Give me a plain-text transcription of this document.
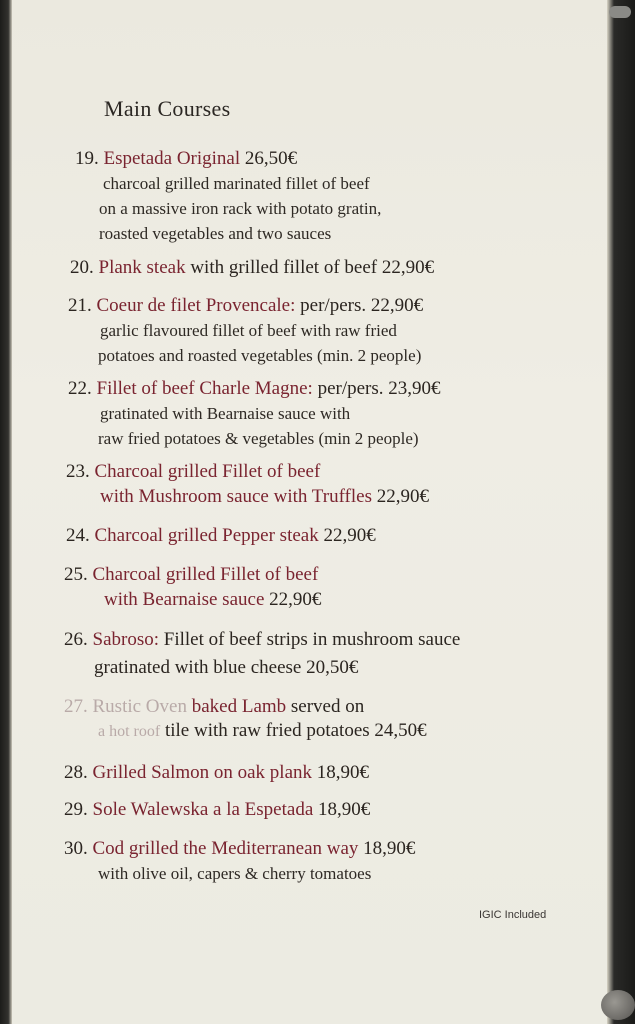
Main Courses
19. Espetada Original 26,50€
charcoal grilled marinated fillet of beef
on a massive iron rack with potato gratin,
roasted vegetables and two sauces
20. Plank steak with grilled fillet of beef 22,90€
21. Coeur de filet Provencale: per/pers. 22,90€
garlic flavoured fillet of beef with raw fried
potatoes and roasted vegetables (min. 2 people)
22. Fillet of beef Charle Magne: per/pers. 23,90€
gratinated with Bearnaise sauce with
raw fried potatoes & vegetables (min 2 people)
23. Charcoal grilled Fillet of beef
with Mushroom sauce with Truffles 22,90€
24. Charcoal grilled Pepper steak 22,90€
25. Charcoal grilled Fillet of beef
with Bearnaise sauce 22,90€
26. Sabroso: Fillet of beef strips in mushroom sauce
gratinated with blue cheese 20,50€
27. Rustic Oven baked Lamb served on
a hot roof tile with raw fried potatoes 24,50€
28. Grilled Salmon on oak plank 18,90€
29. Sole Walewska a la Espetada 18,90€
30. Cod grilled the Mediterranean way 18,90€
with olive oil, capers & cherry tomatoes
IGIC Included
